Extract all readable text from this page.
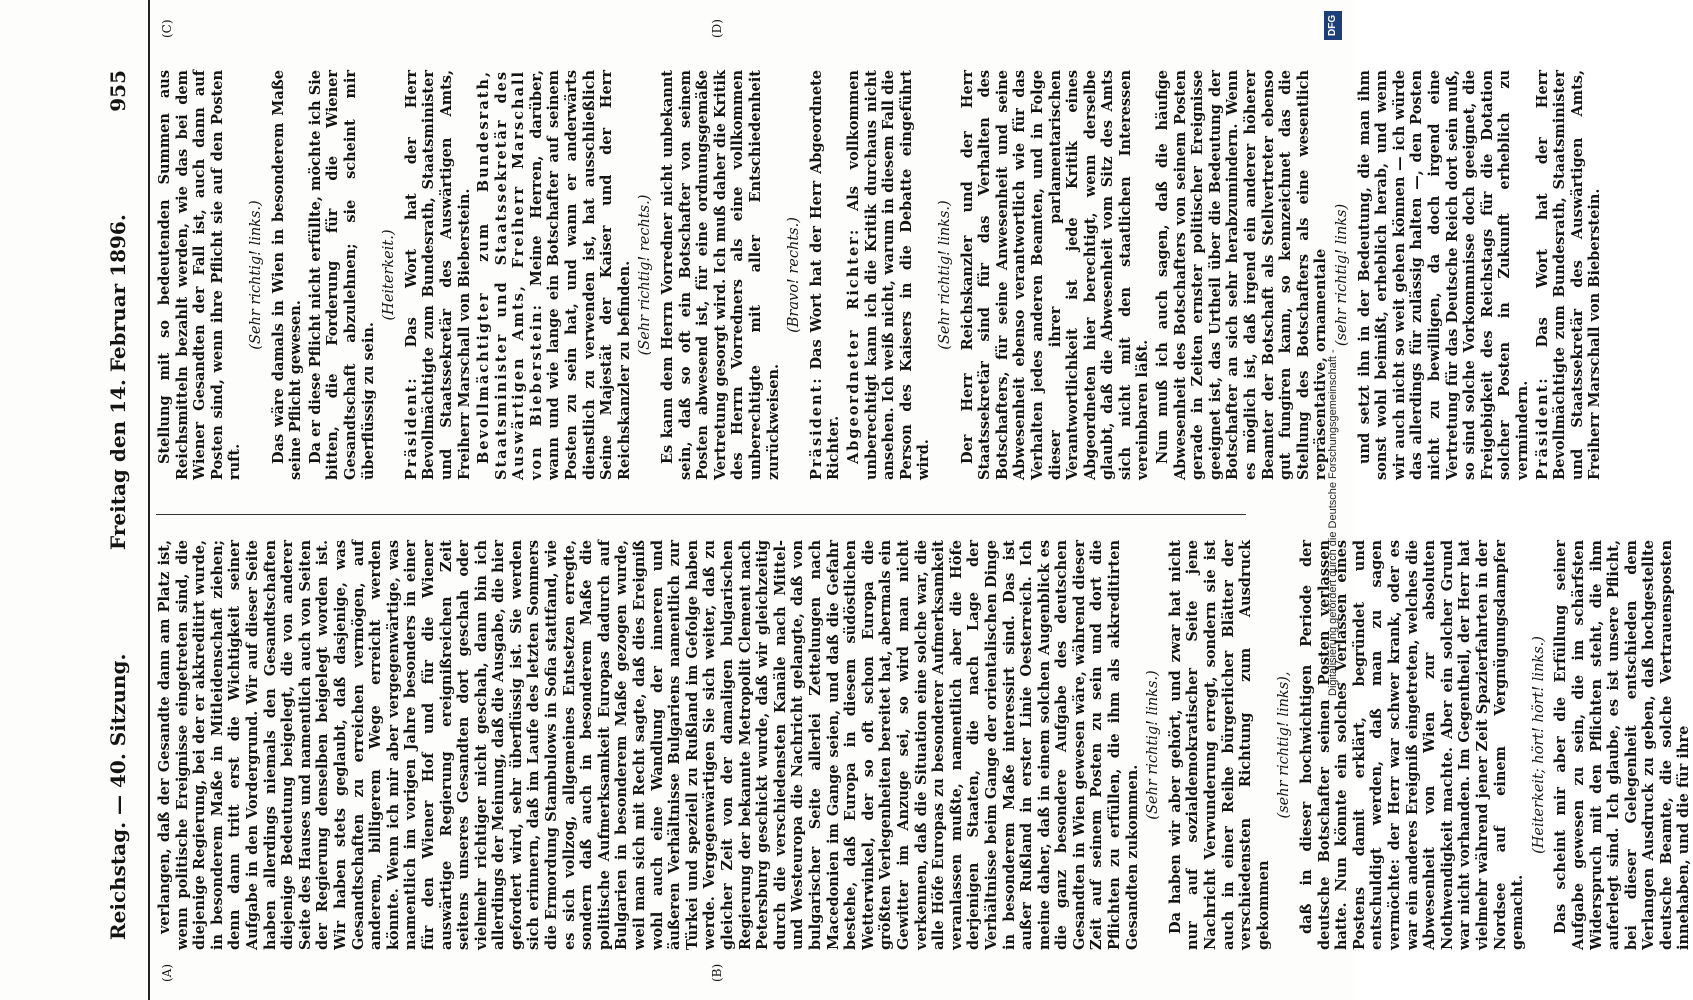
Reichstag. — 40. Sitzung.
Freitag den 14. Februar 1896.
955
(A)	(B)
(C)	(D)

verlangen, daß der Gesandte dann am Platz ist, wenn politische Ereignisse eingetreten sind, die diejenige Regierung, bei der er akkreditirt wurde, in besonderem Maße in Mitleidenschaft ziehen; denn dann tritt erst die Wichtigkeit seiner Aufgabe in den Vordergrund. Wir auf dieser Seite haben allerdings niemals den Gesandtschaften diejenige Bedeutung beigelegt, die von anderer Seite des Hauses und namentlich auch von Seiten der Regierung denselben beigelegt worden ist. Wir haben stets geglaubt, daß dasjenige, was Gesandtschaften zu erreichen vermögen, auf anderem, billigerem Wege erreicht werden könnte. Wenn ich mir aber vergegenwärtige, was namentlich im vorigen Jahre besonders in einer für den Wiener Hof und für die Wiener auswärtige Regierung ereignißreichen Zeit seitens unseres Gesandten dort geschah oder vielmehr richtiger nicht geschah, dann bin ich allerdings der Meinung, daß die Ausgabe, die hier gefordert wird, sehr überflüssig ist. Sie werden sich erinnern, daß im Laufe des letzten Sommers die Ermordung Stambulows in Sofia stattfand, wie es sich vollzog, allgemeines Entsetzen erregte, sondern daß auch in besonderem Maße die politische Aufmerksamkeit Europas dadurch auf Bulgarien in besonderem Maße gezogen wurde, weil man sich mit Recht sagte, daß dies Ereigniß wohl auch eine Wandlung der inneren und äußeren Verhältnisse Bulgariens namentlich zur Türkei und speziell zu Rußland im Gefolge haben werde. Vergegenwärtigen Sie sich weiter, daß zu gleicher Zeit von der damaligen bulgarischen Regierung der bekannte Metropolit Clement nach Petersburg geschickt wurde, daß wir gleichzeitig durch die verschiedensten Kanäle nach Mittel- und Westeuropa die Nachricht gelangte, daß von bulgarischer Seite allerlei Zettelungen nach Macedonien im Gange seien, und daß die Gefahr bestehe, daß Europa in diesem südöstlichen Wetterwinkel, der so oft schon Europa die größten Verlegenheiten bereitet hat, abermals ein Gewitter im Anzuge sei, so wird man nicht verkennen, daß die Situation eine solche war, die alle Höfe Europas zu besonderer Aufmerksamkeit veranlassen mußte, namentlich aber die Höfe derjenigen Staaten, die nach Lage der Verhältnisse beim Gange der orientalischen Dinge in besonderem Maße interessirt sind. Das ist außer Rußland in erster Linie Oesterreich. Ich meine daher, daß in einem solchen Augenblick es die ganz besondere Aufgabe des deutschen Gesandten in Wien gewesen wäre, während dieser Zeit auf seinem Posten zu sein und dort die Pflichten zu erfüllen, die ihm als akkreditirten Gesandten zukommen.

(Sehr richtig! links.) Da haben wir aber gehört, und zwar hat nicht nur auf sozialdemokratischer Seite jene Nachricht Verwunderung erregt, sondern sie ist auch in einer Reihe bürgerlicher Blätter der verschiedensten Richtung zum Ausdruck gekommen

(sehr richtig! links), daß in dieser hochwichtigen Periode der deutsche Botschafter seinen Posten verlassen hatte. Nun könnte ein solches Verlassen eines Postens damit erklärt, begründet und entschuldigt werden, daß man zu sagen vermöchte: der Herr war schwer krank, oder es war ein anderes Ereigniß eingetreten, welches die Abwesenheit von Wien zur absoluten Nothwendigkeit machte. Aber ein solcher Grund war nicht vorhanden. Im Gegentheil, der Herr hat vielmehr während jener Zeit Spazierfahrten in der Nordsee auf einem Vergnügungsdampfer gemacht.

(Heiterkeit; hört! hört! links.) Das scheint mir aber die Erfüllung seiner Aufgabe gewesen zu sein, die im schärfsten Widerspruch mit den Pflichten steht, die ihm auferlegt sind. Ich glaube, es ist unsere Pflicht, bei dieser Gelegenheit entschieden dem Verlangen Ausdruck zu geben, daß hochgestellte deutsche Beamte, die solche Vertrauensposten innehaben, und die für ihre

Stellung mit so bedeutenden Summen aus Reichsmitteln bezahlt werden, wie das bei dem Wiener Gesandten der Fall ist, auch dann auf Posten sind, wenn ihre Pflicht sie auf den Posten ruft.

(Sehr richtig! links.) Das wäre damals in Wien in besonderem Maße seine Pflicht gewesen. Da er diese Pflicht nicht erfüllte, möchte ich Sie bitten, die Forderung für die Wiener Gesandtschaft abzulehnen; sie scheint mir überflüssig zu sein.

(Heiterkeit.)

Präsident: Das Wort hat der Herr Bevollmächtigte zum Bundesrath, Staatsminister und Staatssekretär des Auswärtigen Amts, Freiherr Marschall von Bieberstein. Bevollmächtigter zum Bundesrath, Staatsminister und Staatssekretär des Auswärtigen Amts, Freiherr Marschall von Bieberstein: Meine Herren, darüber, wann und wie lange ein Botschafter auf seinem Posten zu sein hat, und wann er anderwärts dienstlich zu verwenden ist, hat ausschließlich Seine Majestät der Kaiser und der Herr Reichskanzler zu befinden. (Sehr richtig! rechts.) Es kann dem Herrn Vorredner nicht unbekannt sein, daß so oft ein Botschafter von seinem Posten abwesend ist, für eine ordnungsgemäße Vertretung gesorgt wird. Ich muß daher die Kritik des Herrn Vorredners als eine vollkommen unberechtigte mit aller Entschiedenheit zurückweisen.

(Bravo! rechts.)

Präsident: Das Wort hat der Herr Abgeordnete Richter. Abgeordneter Richter: Als vollkommen unberechtigt kann ich die Kritik durchaus nicht ansehen. Ich weiß nicht, warum in diesem Fall die Person des Kaisers in die Debatte eingeführt wird.

(Sehr richtig! links.) Der Herr Reichskanzler und der Herr Staatssekretär sind für das Verhalten des Botschafters, für seine Anwesenheit und seine Abwesenheit ebenso verantwortlich wie für das Verhalten jedes anderen Beamten, und in Folge dieser ihrer parlamentarischen Verantwortlichkeit ist jede Kritik eines Abgeordneten hier berechtigt, wenn derselbe glaubt, daß die Abwesenheit vom Sitz des Amts sich nicht mit den staatlichen Interessen vereinbaren läßt. Nun muß ich auch sagen, daß die häufige Abwesenheit des Botschafters von seinem Posten gerade in Zeiten ernster politischer Ereignisse geeignet ist, das Urtheil über die Bedeutung der Botschafter an sich sehr herabzumindern. Wenn es möglich ist, daß irgend ein anderer höherer Beamter der Botschaft als Stellvertreter ebenso gut fungiren kann, so kennzeichnet das die Stellung des Botschafters als eine wesentlich repräsentative, ornamentale (sehr richtig! links) und setzt ihn in der Bedeutung, die man ihm sonst wohl beimißt, erheblich herab, und wenn wir auch nicht so weit gehen können — ich würde das allerdings für zulässig halten —, den Posten nicht zu bewilligen, da doch irgend eine Vertretung für das Deutsche Reich dort sein muß, so sind solche Vorkommnisse doch geeignet, die Freigebigkeit des Reichstags für die Dotation solcher Posten in Zukunft erheblich zu vermindern. Präsident: Das Wort hat der Herr Bevollmächtigte zum Bundesrath, Staatsminister und Staatssekretär des Auswärtigen Amts, Freiherr Marschall von Bieberstein.

Digitalisierung gefördert durch die Deutsche Forschungsgemeinschaft -
DFG
